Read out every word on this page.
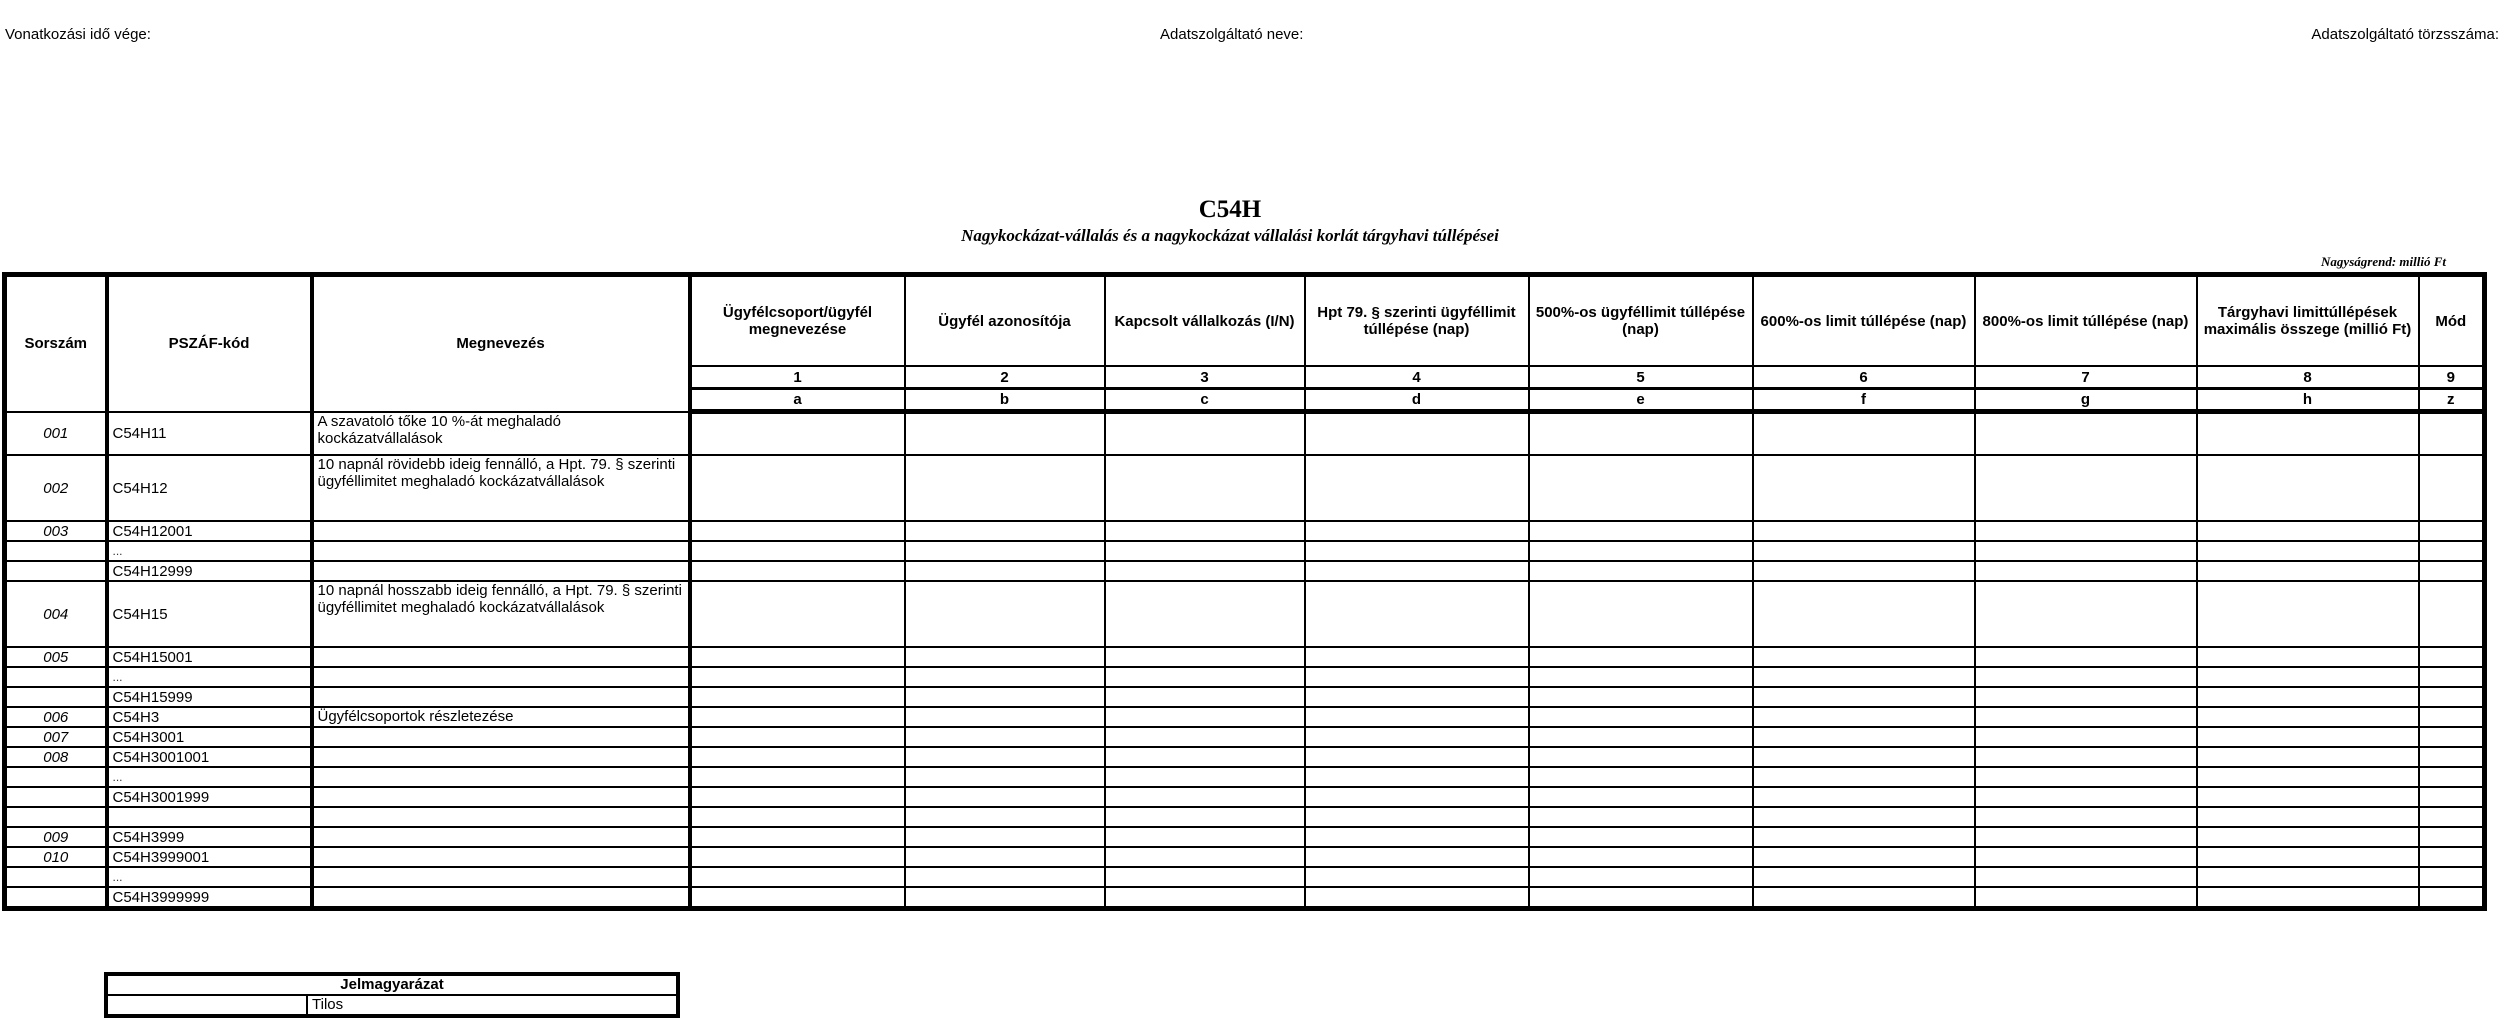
Vonatkozási idő vége:	Adatszolgáltató neve:	Adatszolgáltató törzsszáma:
C54H
Nagykockázat-vállalás és a nagykockázat vállalási korlát tárgyhavi túllépései
Nagyságrend: millió Ft
Sorszám	PSZÁF-kód	Megnevezés	Ügyfélcsoport/ügyfél megnevezése	Ügyfél azonosítója	Kapcsolt vállalkozás (I/N)	Hpt 79. § szerinti ügyféllimit túllépése (nap)	500%-os ügyféllimit túllépése (nap)	600%-os limit túllépése (nap)	800%-os limit túllépése (nap)	Tárgyhavi limittúllépések maximális összege (millió Ft)	Mód
			1	2	3	4	5	6	7	8	9
			a	b	c	d	e	f	g	h	z
001	C54H11	A szavatoló tőke 10 %-át meghaladó kockázatvállalások									
002	C54H12	10 napnál rövidebb ideig fennálló, a Hpt. 79. § szerinti ügyféllimitet meghaladó kockázatvállalások									
003	C54H12001										
	...										
	C54H12999										
004	C54H15	10 napnál hosszabb ideig fennálló, a Hpt. 79. § szerinti ügyféllimitet meghaladó kockázatvállalások									
005	C54H15001										
	...										
	C54H15999										
006	C54H3	Ügyfélcsoportok részletezése									
007	C54H3001										
008	C54H3001001										
	...										
	C54H3001999										

009	C54H3999										
010	C54H3999001										
	...										
	C54H3999999										
Jelmagyarázat
	Tilos
